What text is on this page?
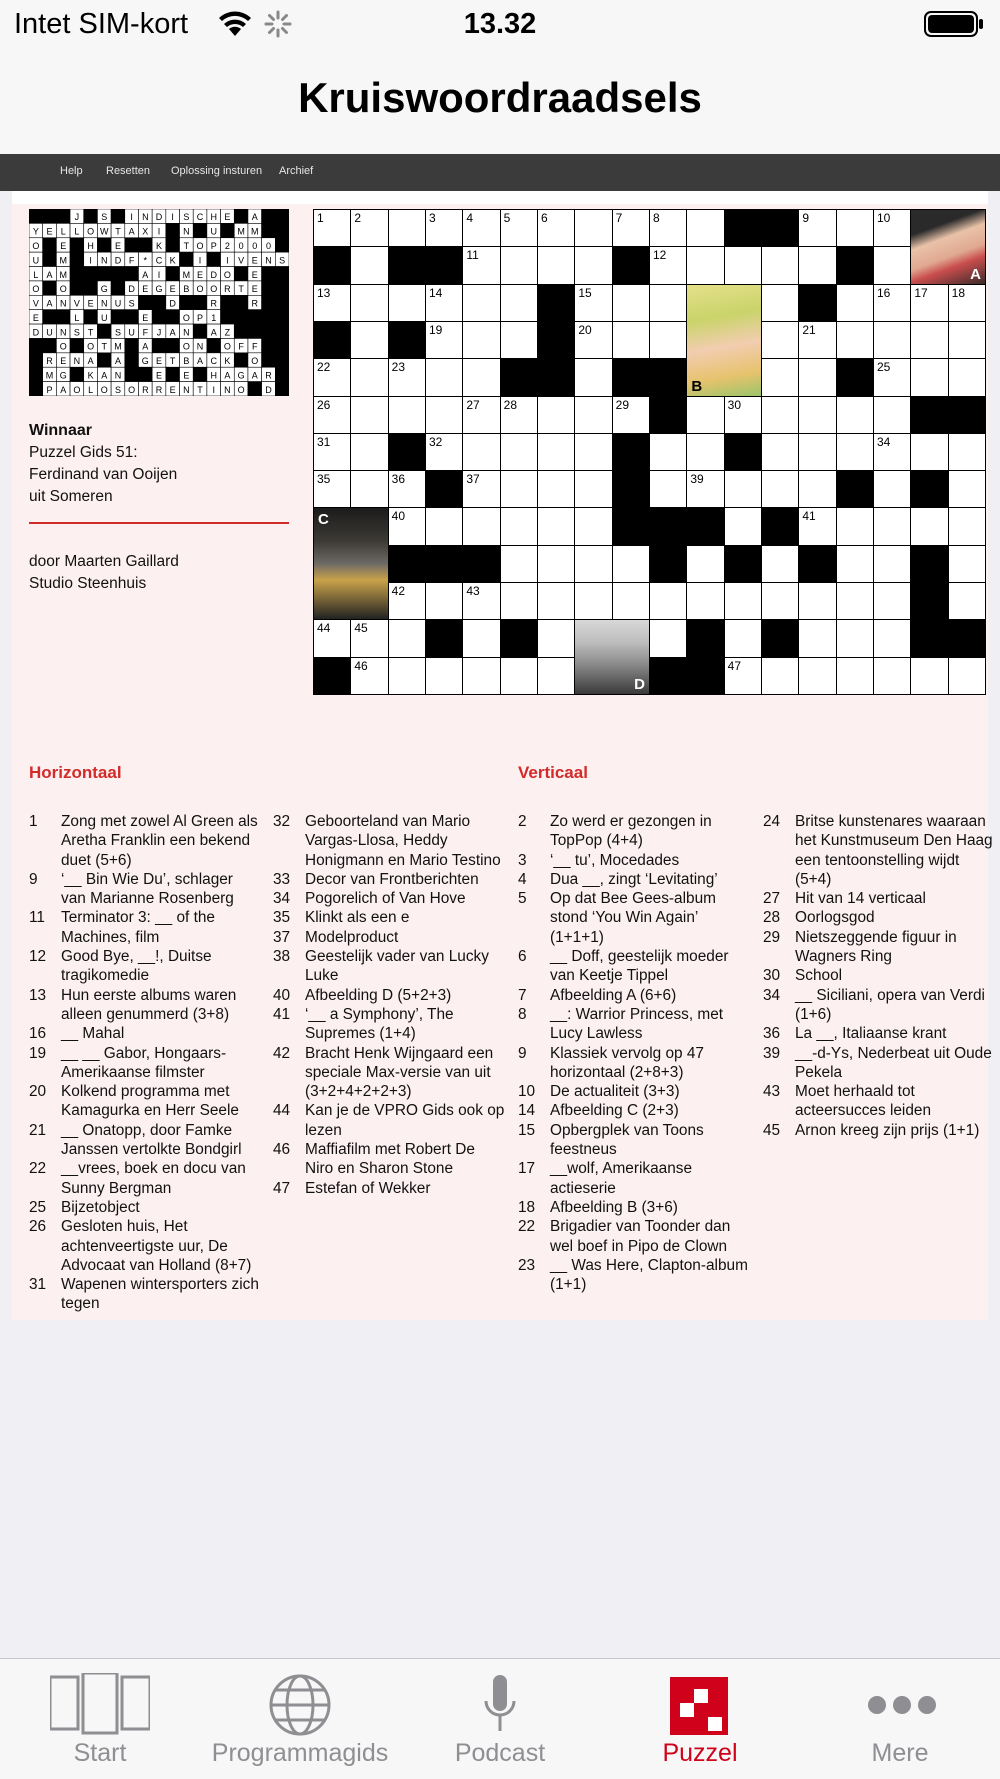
Intet SIM-kort	13.32
Kruiswoordraadsels
Help Resetten Oplossing insturen Archief
J S	I N D I S C H E A
Y E L L O W T A X I	N U M M
O E H E	K T O P 2 0 0 0
U M I N D F * C K	I	I V E N S
L A M	A I M E D O E
O O	G D E G E B O O R T E
V A N V E N U S	D	R	R
E	L U	E	O P 1
D U N S T S U F J A N A Z
O O T M A	O N O F F
R E N A A G E T B A C K O
M G K A N	E E H A G A R
P A O L O S O R R E N T I N O D
Winnaar
Puzzel Gids 51:
Ferdinand van Ooijen
uit Someren
door Maarten Gaillard
Studio Steenhuis
1	2	3	4	5	6	7	8	9	10
11	12
13	14	15	16 17 18
19	20	21
22	23	24	25
26	27 28	29	30
31	32	33	34
35	36	37	38	39
40	41
42	43
44 45
46	47
A
B
C
D
Horizontaal	Verticaal
1 Zong met zowel Al Green als Aretha Franklin een bekend duet (5+6)
9 ‘__ Bin Wie Du’, schlager van Marianne Rosenberg
11 Terminator 3: __ of the Machines, film
12 Good Bye, __!, Duitse tragikomedie
13 Hun eerste albums waren alleen genummerd (3+8)
16 __ Mahal
19 __ __ Gabor, Hongaars-Amerikaanse filmster
20 Kolkend programma met Kamagurka en Herr Seele
21 __ Onatopp, door Famke Janssen vertolkte Bondgirl
22 __vrees, boek en docu van Sunny Bergman
25 Bijzetobject
26 Gesloten huis, Het achtenveertigste uur, De Advocaat van Holland (8+7)
31 Wapenen wintersporters zich tegen
32 Geboorteland van Mario Vargas-Llosa, Heddy Honigmann en Mario Testino
33 Decor van Frontberichten
34 Pogorelich of Van Hove
35 Klinkt als een e
37 Modelproduct
38 Geestelijk vader van Lucky Luke
40 Afbeelding D (5+2+3)
41 ‘__ a Symphony’, The Supremes (1+4)
42 Bracht Henk Wijngaard een speciale Max-versie van uit (3+2+4+2+2+3)
44 Kan je de VPRO Gids ook op lezen
46 Maffiafilm met Robert De Niro en Sharon Stone
47 Estefan of Wekker
2 Zo werd er gezongen in TopPop (4+4)
3 ‘__ tu’, Mocedades
4 Dua __, zingt ‘Levitating’
5 Op dat Bee Gees-album stond ‘You Win Again’ (1+1+1)
6 __ Doff, geestelijk moeder van Keetje Tippel
7 Afbeelding A (6+6)
8 __: Warrior Princess, met Lucy Lawless
9 Klassiek vervolg op 47 horizontaal (2+8+3)
10 De actualiteit (3+3)
14 Afbeelding C (2+3)
15 Opbergplek van Toons feestneus
17 __wolf, Amerikaanse actieserie
18 Afbeelding B (3+6)
22 Brigadier van Toonder dan wel boef in Pipo de Clown
23 __ Was Here, Clapton-album (1+1)
24 Britse kunstenares waaraan het Kunstmuseum Den Haag een tentoonstelling wijdt (5+4)
27 Hit van 14 verticaal
28 Oorlogsgod
29 Nietszeggende figuur in Wagners Ring
30 School
34 __ Siciliani, opera van Verdi (1+6)
36 La __, Italiaanse krant
39 __-d-Ys, Nederbeat uit Oude Pekela
43 Moet herhaald tot acteersucces leiden
45 Arnon kreeg zijn prijs (1+1)
Start	Programmagids	Podcast	Puzzel	Mere
